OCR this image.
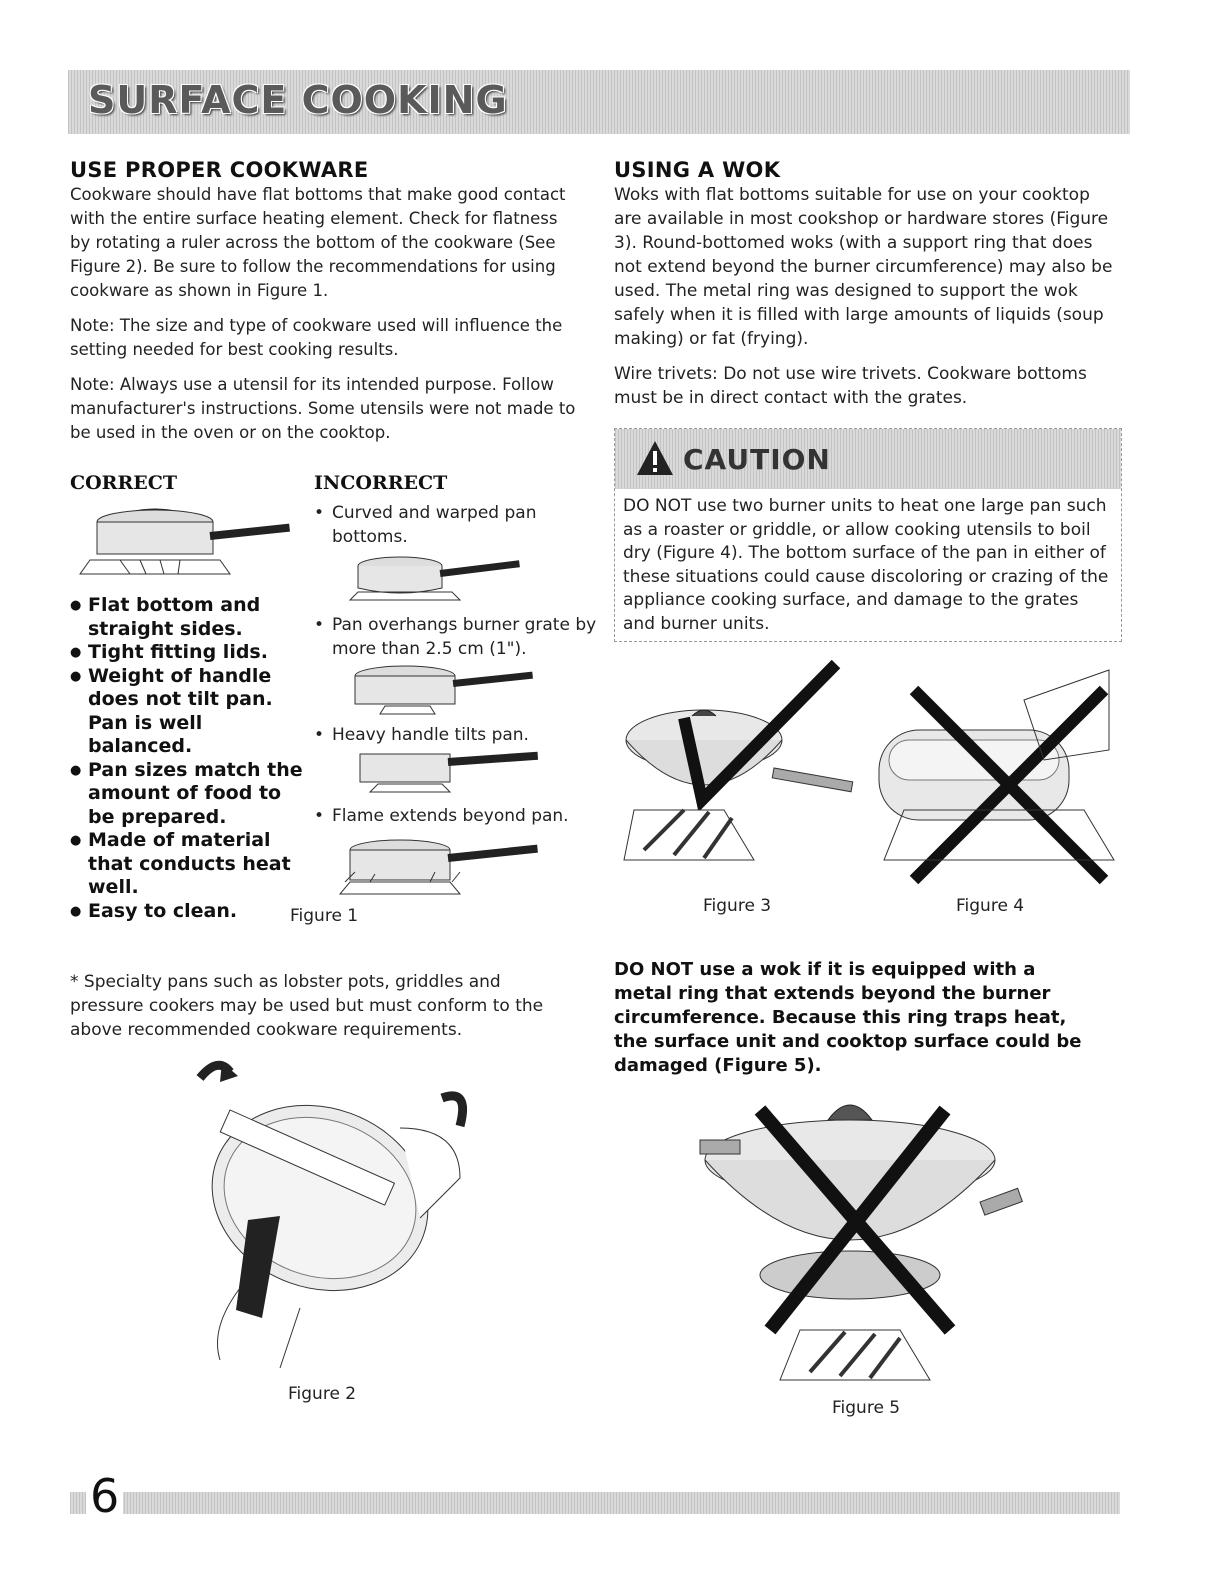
SURFACE COOKING
USE PROPER COOKWARE

Cookware should have flat bottoms that make good contact with the entire surface heating element. Check for flatness by rotating a ruler across the bottom of the cookware (See Figure 2). Be sure to follow the recommendations for using cookware as shown in Figure 1.

Note: The size and type of cookware used will influence the setting needed for best cooking results.

Note: Always use a utensil for its intended purpose. Follow manufacturer's instructions. Some utensils were not made to be used in the oven or on the cooktop.

CORRECT	INCORRECT
● Flat bottom and straight sides.
● Tight fitting lids.
● Weight of handle does not tilt pan. Pan is well balanced.
● Pan sizes match the amount of food to be prepared.
● Made of material that conducts heat well.
● Easy to clean.
• Curved and warped pan bottoms.
• Pan overhangs burner grate by more than 2.5 cm (1").
• Heavy handle tilts pan.
• Flame extends beyond pan.
Figure 1
* Specialty pans such as lobster pots, griddles and pressure cookers may be used but must conform to the above recommended cookware requirements.
Figure 2
USING A WOK

Woks with flat bottoms suitable for use on your cooktop are available in most cookshop or hardware stores (Figure 3). Round-bottomed woks (with a support ring that does not extend beyond the burner circumference) may also be used. The metal ring was designed to support the wok safely when it is filled with large amounts of liquids (soup making) or fat (frying).

Wire trivets: Do not use wire trivets. Cookware bottoms must be in direct contact with the grates.

CAUTION
DO NOT use two burner units to heat one large pan such as a roaster or griddle, or allow cooking utensils to boil dry (Figure 4). The bottom surface of the pan in either of these situations could cause discoloring or crazing of the appliance cooking surface, and damage to the grates and burner units.
Figure 3	Figure 4
DO NOT use a wok if it is equipped with a metal ring that extends beyond the burner circumference. Because this ring traps heat, the surface unit and cooktop surface could be damaged (Figure 5).
Figure 5
6
